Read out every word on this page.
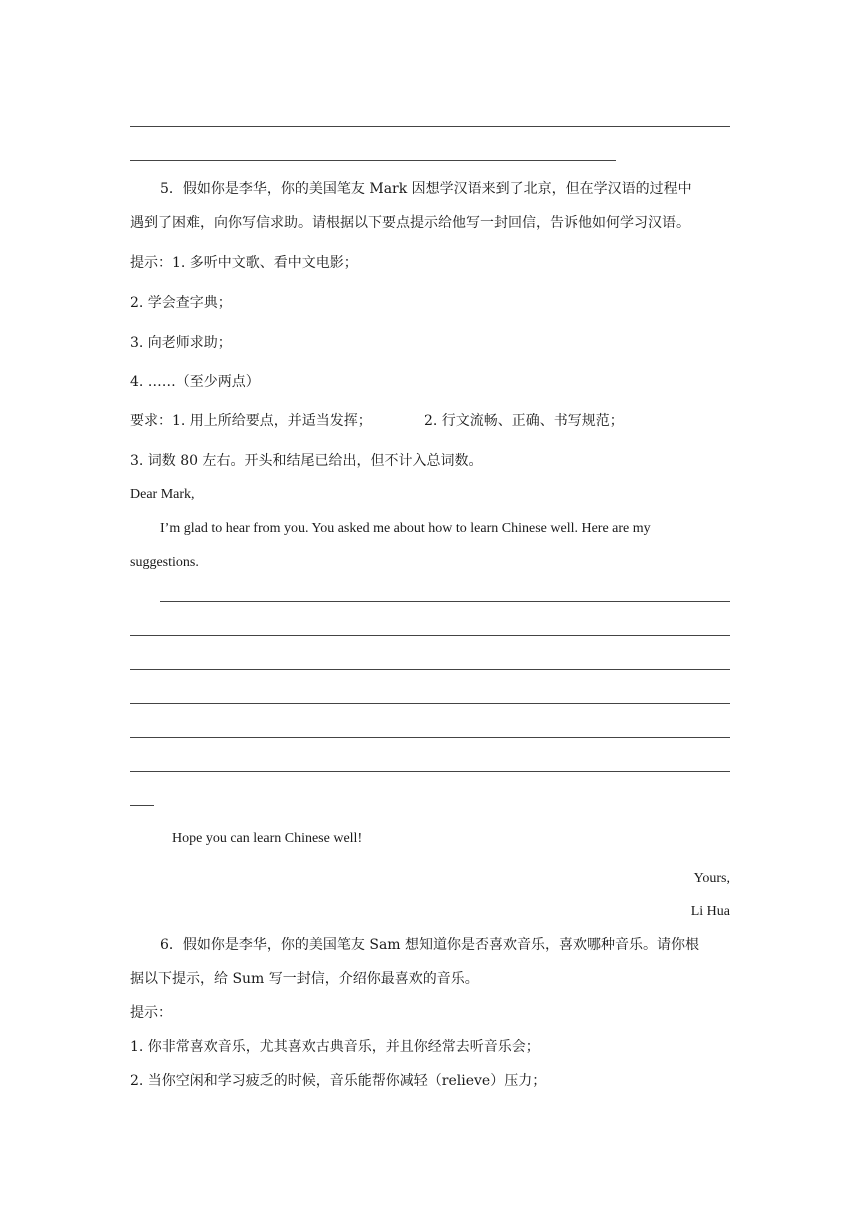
5．假如你是李华，你的美国笔友 Mark 因想学汉语来到了北京，但在学汉语的过程中
遇到了困难，向你写信求助。请根据以下要点提示给他写一封回信，告诉他如何学习汉语。
提示：1. 多听中文歌、看中文电影；
2. 学会查字典；
3. 向老师求助；
4. ……（至少两点）
要求：1. 用上所给要点，并适当发挥；	2. 行文流畅、正确、书写规范；
3. 词数 80 左右。开头和结尾已给出，但不计入总词数。
Dear Mark,
I’m glad to hear from you. You asked me about how to learn Chinese well. Here are my
suggestions.
Hope you can learn Chinese well!
Yours,
Li Hua
6．假如你是李华，你的美国笔友 Sam 想知道你是否喜欢音乐，喜欢哪种音乐。请你根
据以下提示，给 Sum 写一封信，介绍你最喜欢的音乐。
提示：
1. 你非常喜欢音乐，尤其喜欢古典音乐，并且你经常去听音乐会；
2. 当你空闲和学习疲乏的时候，音乐能帮你减轻（relieve）压力；
